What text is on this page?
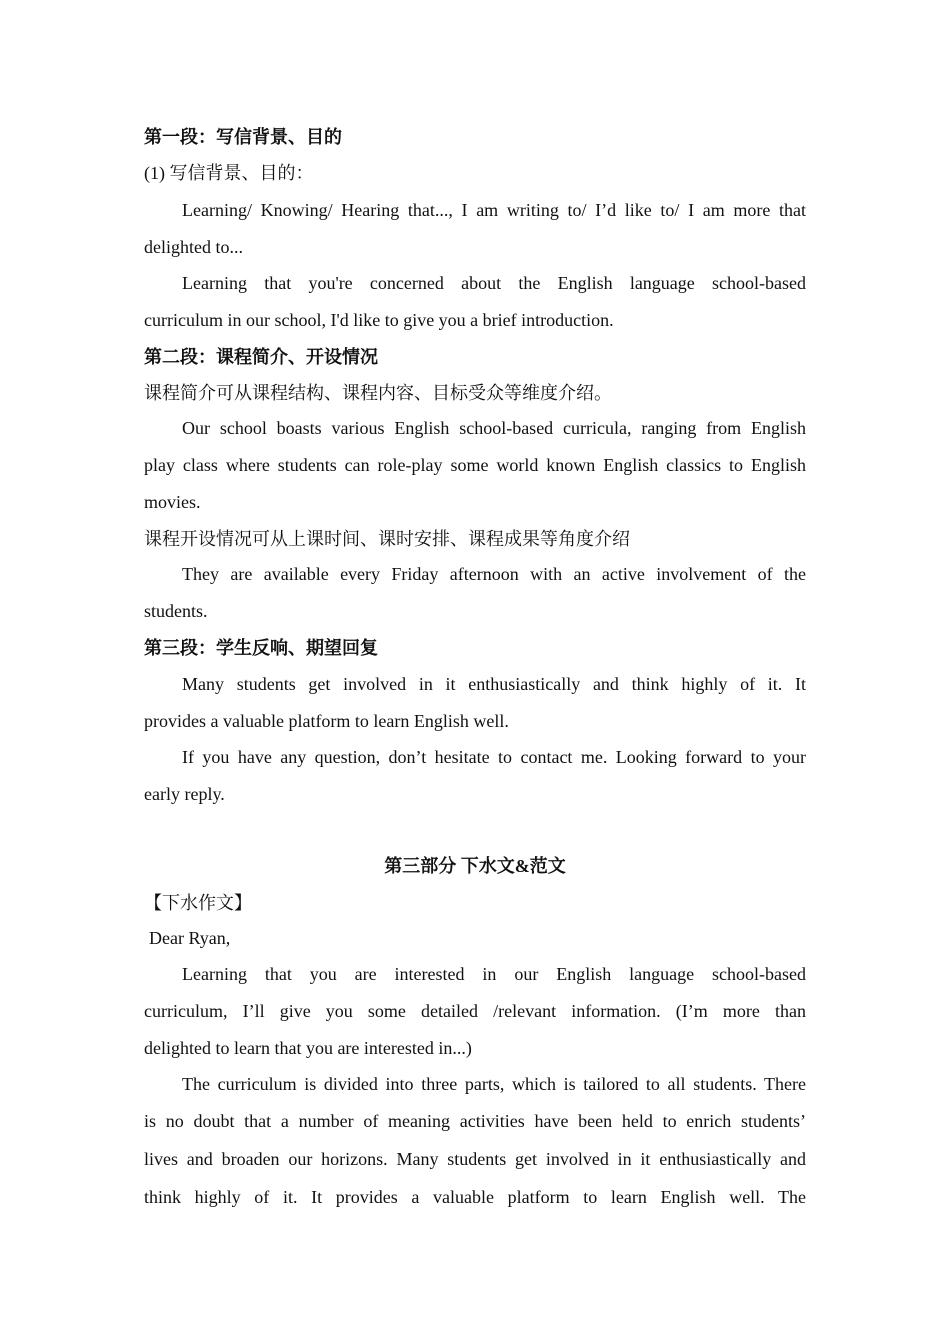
第一段：写信背景、目的
(1) 写信背景、目的：
Learning/ Knowing/ Hearing that..., I am writing to/ I’d like to/ I am more that
delighted to...
Learning that you're concerned about the English language school-based
curriculum in our school, I'd like to give you a brief introduction.
第二段：课程简介、开设情况
课程简介可从课程结构、课程内容、目标受众等维度介绍。
Our school boasts various English school-based curricula, ranging from English
play class where students can role-play some world known English classics to English
movies.
课程开设情况可从上课时间、课时安排、课程成果等角度介绍
They are available every Friday afternoon with an active involvement of the
students.
第三段：学生反响、期望回复
Many students get involved in it enthusiastically and think highly of it. It
provides a valuable platform to learn English well.
If you have any question, don’t hesitate to contact me. Looking forward to your
early reply.
第三部分 下水文&范文
【下水作文】
Dear Ryan,
Learning that you are interested in our English language school-based
curriculum, I’ll give you some detailed /relevant information. (I’m more than
delighted to learn that you are interested in...)
The curriculum is divided into three parts, which is tailored to all students. There
is no doubt that a number of meaning activities have been held to enrich students’
lives and broaden our horizons. Many students get involved in it enthusiastically and
think highly of it. It provides a valuable platform to learn English well. The
